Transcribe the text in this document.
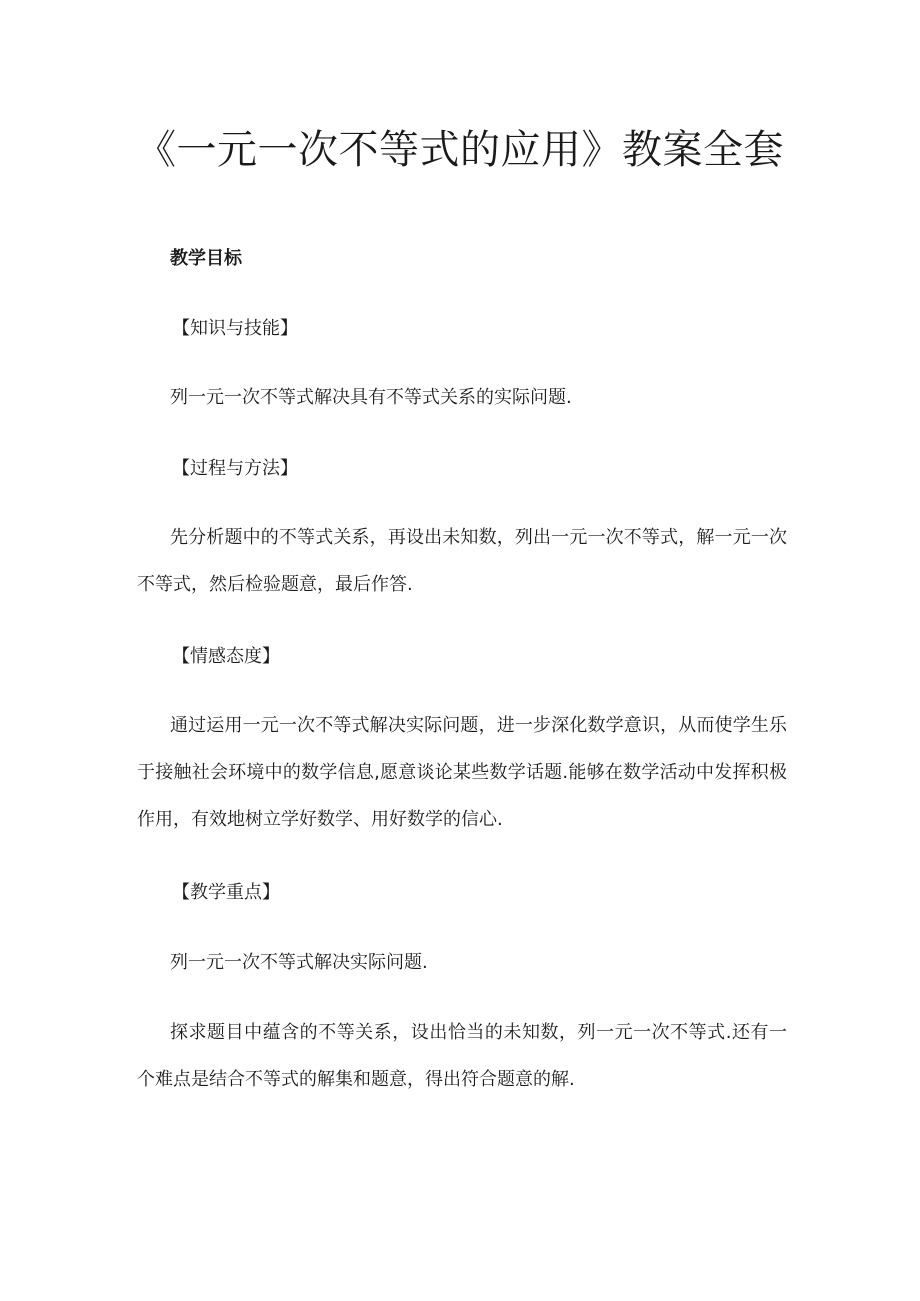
《一元一次不等式的应用》教案全套
教学目标
【知识与技能】

列一元一次不等式解决具有不等式关系的实际问题.

【过程与方法】

先分析题中的不等式关系，再设出未知数，列出一元一次不等式，解一元一次不等式，然后检验题意，最后作答.

【情感态度】

通过运用一元一次不等式解决实际问题，进一步深化数学意识，从而使学生乐于接触社会环境中的数学信息,愿意谈论某些数学话题.能够在数学活动中发挥积极作用，有效地树立学好数学、用好数学的信心.

【教学重点】

列一元一次不等式解决实际问题.

探求题目中蕴含的不等关系，设出恰当的未知数，列一元一次不等式.还有一个难点是结合不等式的解集和题意，得出符合题意的解.
